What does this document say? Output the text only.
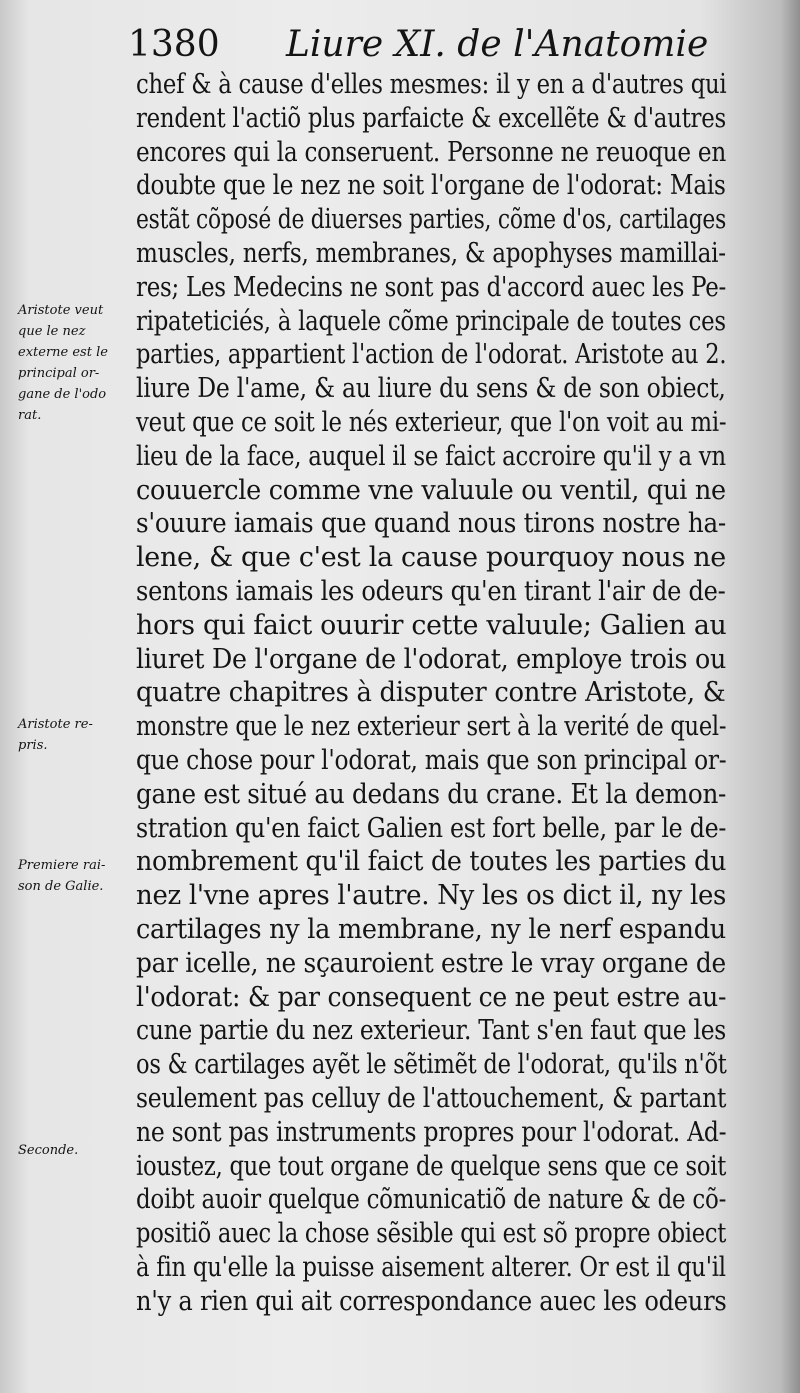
1380 Liure XI. de l'Anatomie
Aristote veut
que le nez
externe est le
principal or-
gane de l'odo
rat.
Aristote re-
pris.
Premiere rai-
son de Galie.
Seconde.
chef & à cause d'elles mesmes: il y en a d'autres qui
rendent l'actiõ plus parfaicte & excellẽte & d'autres
encores qui la conseruent. Personne ne reuoque en
doubte que le nez ne soit l'organe de l'odorat: Mais
estãt cõposé de diuerses parties, cõme d'os, cartilages
muscles, nerfs, membranes, & apophyses mamillai-
res; Les Medecins ne sont pas d'accord auec les Pe-
ripateticiés, à laquele cõme principale de toutes ces
parties, appartient l'action de l'odorat. Aristote au 2.
liure De l'ame, & au liure du sens & de son obiect,
veut que ce soit le nés exterieur, que l'on voit au mi-
lieu de la face, auquel il se faict accroire qu'il y a vn
couuercle comme vne valuule ou ventil, qui ne
s'ouure iamais que quand nous tirons nostre ha-
lene, & que c'est la cause pourquoy nous ne
sentons iamais les odeurs qu'en tirant l'air de de-
hors qui faict ouurir cette valuule; Galien au
liuret De l'organe de l'odorat, employe trois ou
quatre chapitres à disputer contre Aristote, &
monstre que le nez exterieur sert à la verité de quel-
que chose pour l'odorat, mais que son principal or-
gane est situé au dedans du crane. Et la demon-
stration qu'en faict Galien est fort belle, par le de-
nombrement qu'il faict de toutes les parties du
nez l'vne apres l'autre. Ny les os dict il, ny les
cartilages ny la membrane, ny le nerf espandu
par icelle, ne sçauroient estre le vray organe de
l'odorat: & par consequent ce ne peut estre au-
cune partie du nez exterieur. Tant s'en faut que les
os & cartilages ayẽt le sẽtimẽt de l'odorat, qu'ils n'õt
seulement pas celluy de l'attouchement, & partant
ne sont pas instruments propres pour l'odorat. Ad-
ioustez, que tout organe de quelque sens que ce soit
doibt auoir quelque cõmunicatiõ de nature & de cõ-
positiõ auec la chose sẽsible qui est sõ propre obiect
à fin qu'elle la puisse aisement alterer. Or est il qu'il
n'y a rien qui ait correspondance auec les odeurs
